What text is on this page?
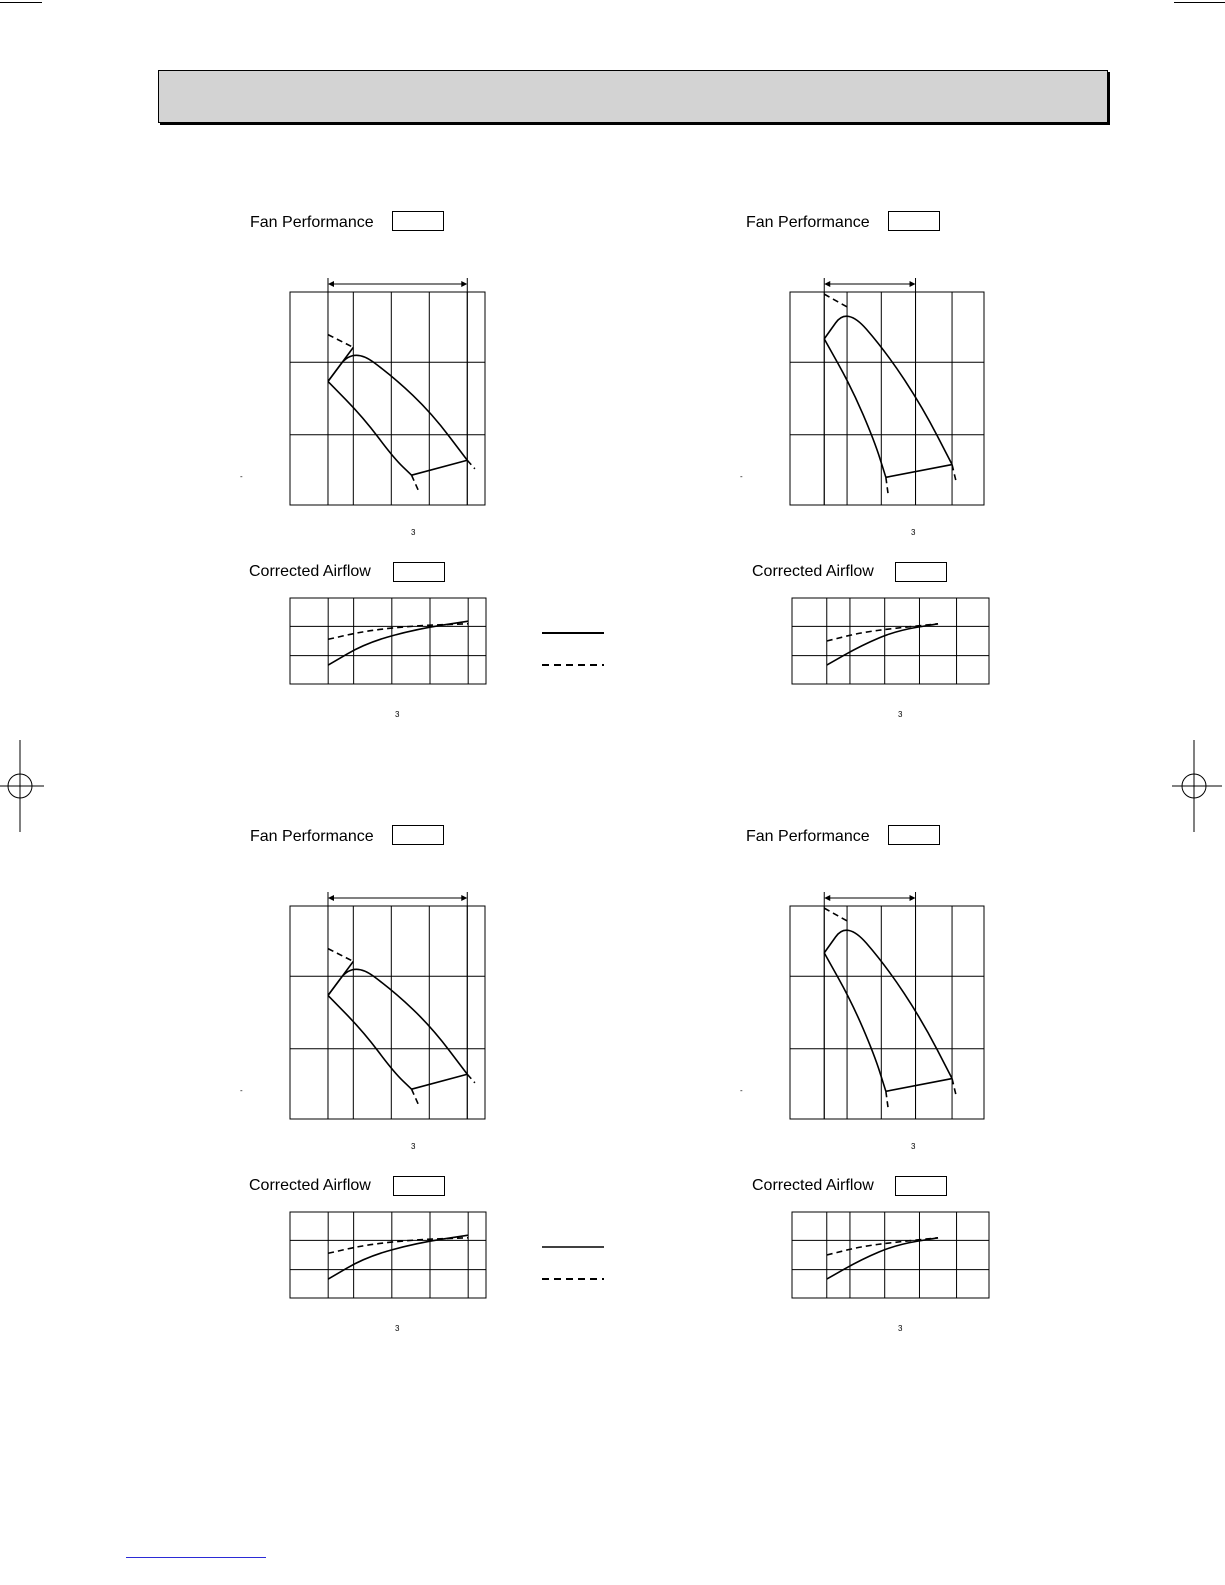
Fan Performance
-
3
Corrected Airflow
3
Fan Performance
-
3
Corrected Airflow
3
Fan Performance
-
3
Corrected Airflow
3
Fan Performance
-
3
Corrected Airflow
3
